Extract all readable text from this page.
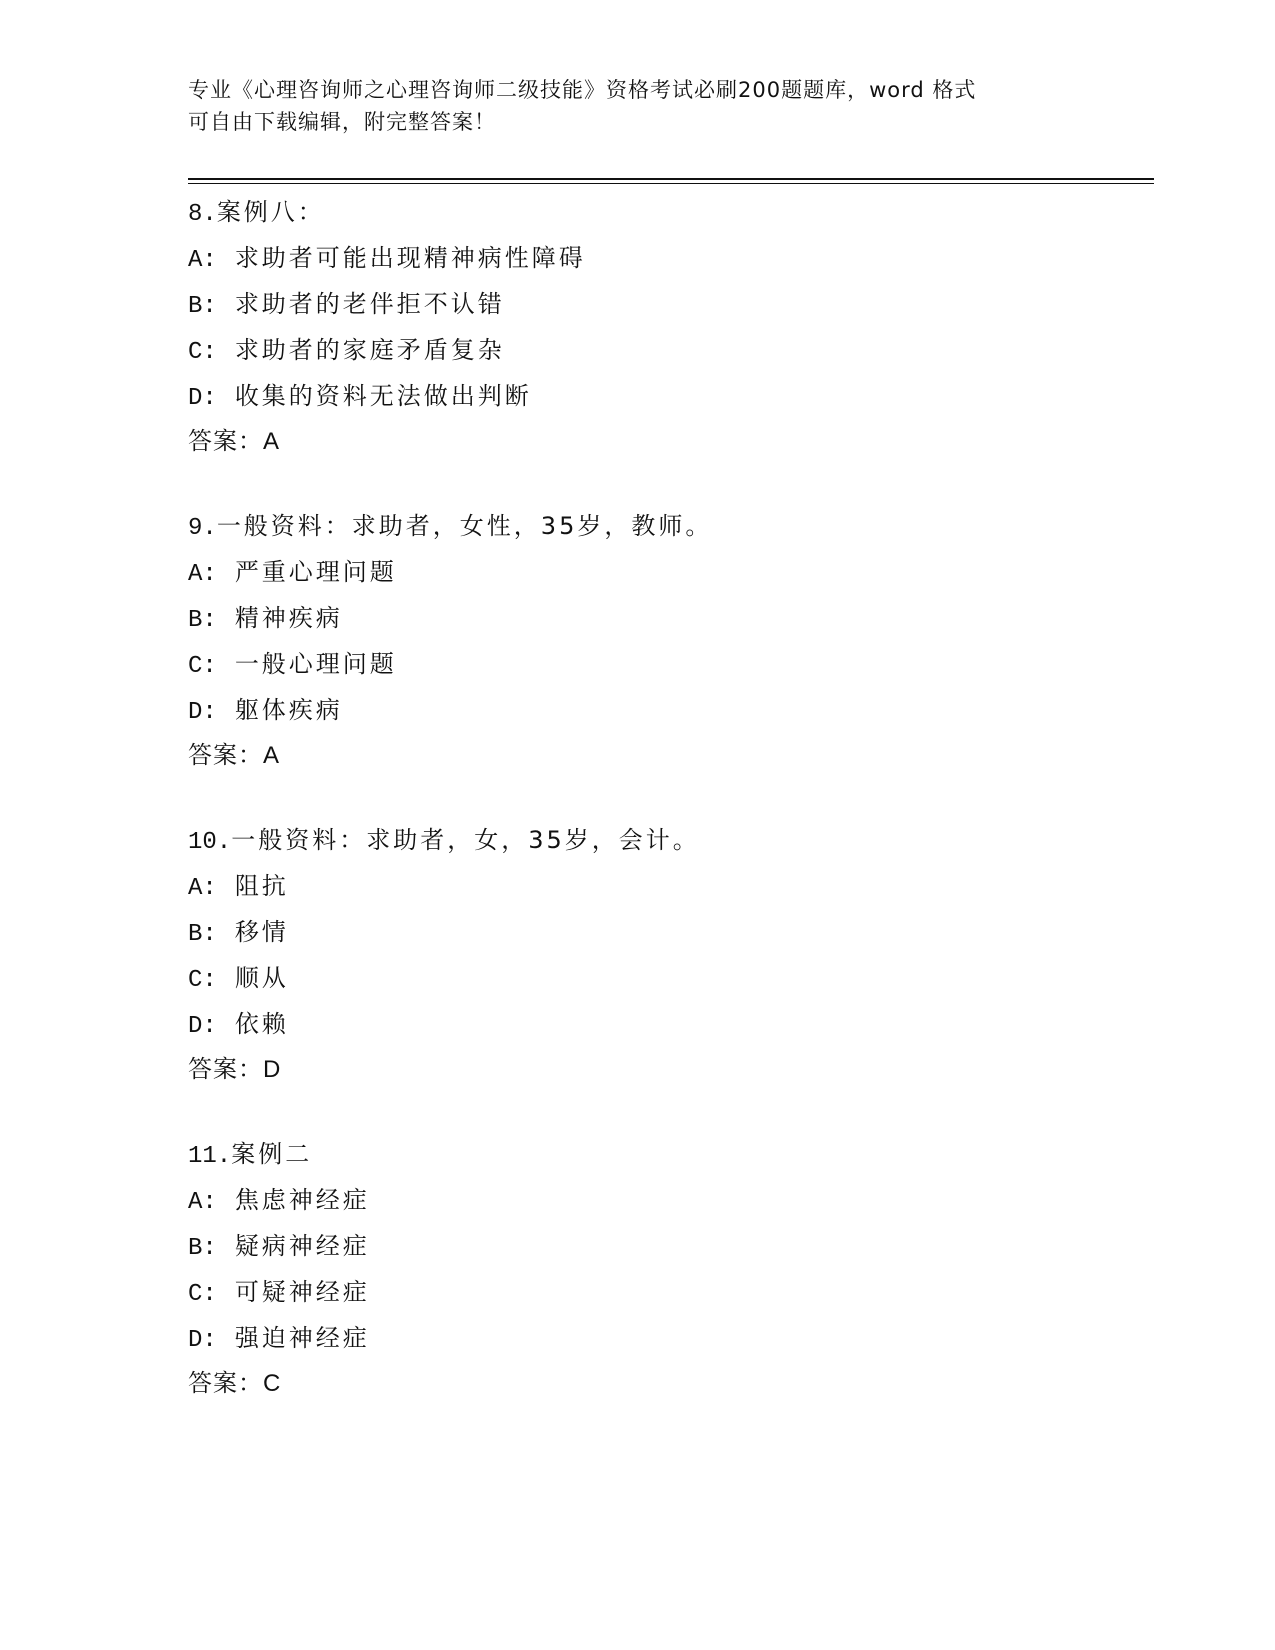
专业《心理咨询师之心理咨询师二级技能》资格考试必刷200题题库，word 格式
可自由下载编辑，附完整答案！
8.案例八：
A: 求助者可能出现精神病性障碍
B: 求助者的老伴拒不认错
C: 求助者的家庭矛盾复杂
D: 收集的资料无法做出判断
答案：A
9.一般资料：求助者，女性，35岁，教师。
A: 严重心理问题
B: 精神疾病
C: 一般心理问题
D: 躯体疾病
答案：A
10.一般资料：求助者，女，35岁，会计。
A: 阻抗
B: 移情
C: 顺从
D: 依赖
答案：D
11.案例二
A: 焦虑神经症
B: 疑病神经症
C: 可疑神经症
D: 强迫神经症
答案：C
